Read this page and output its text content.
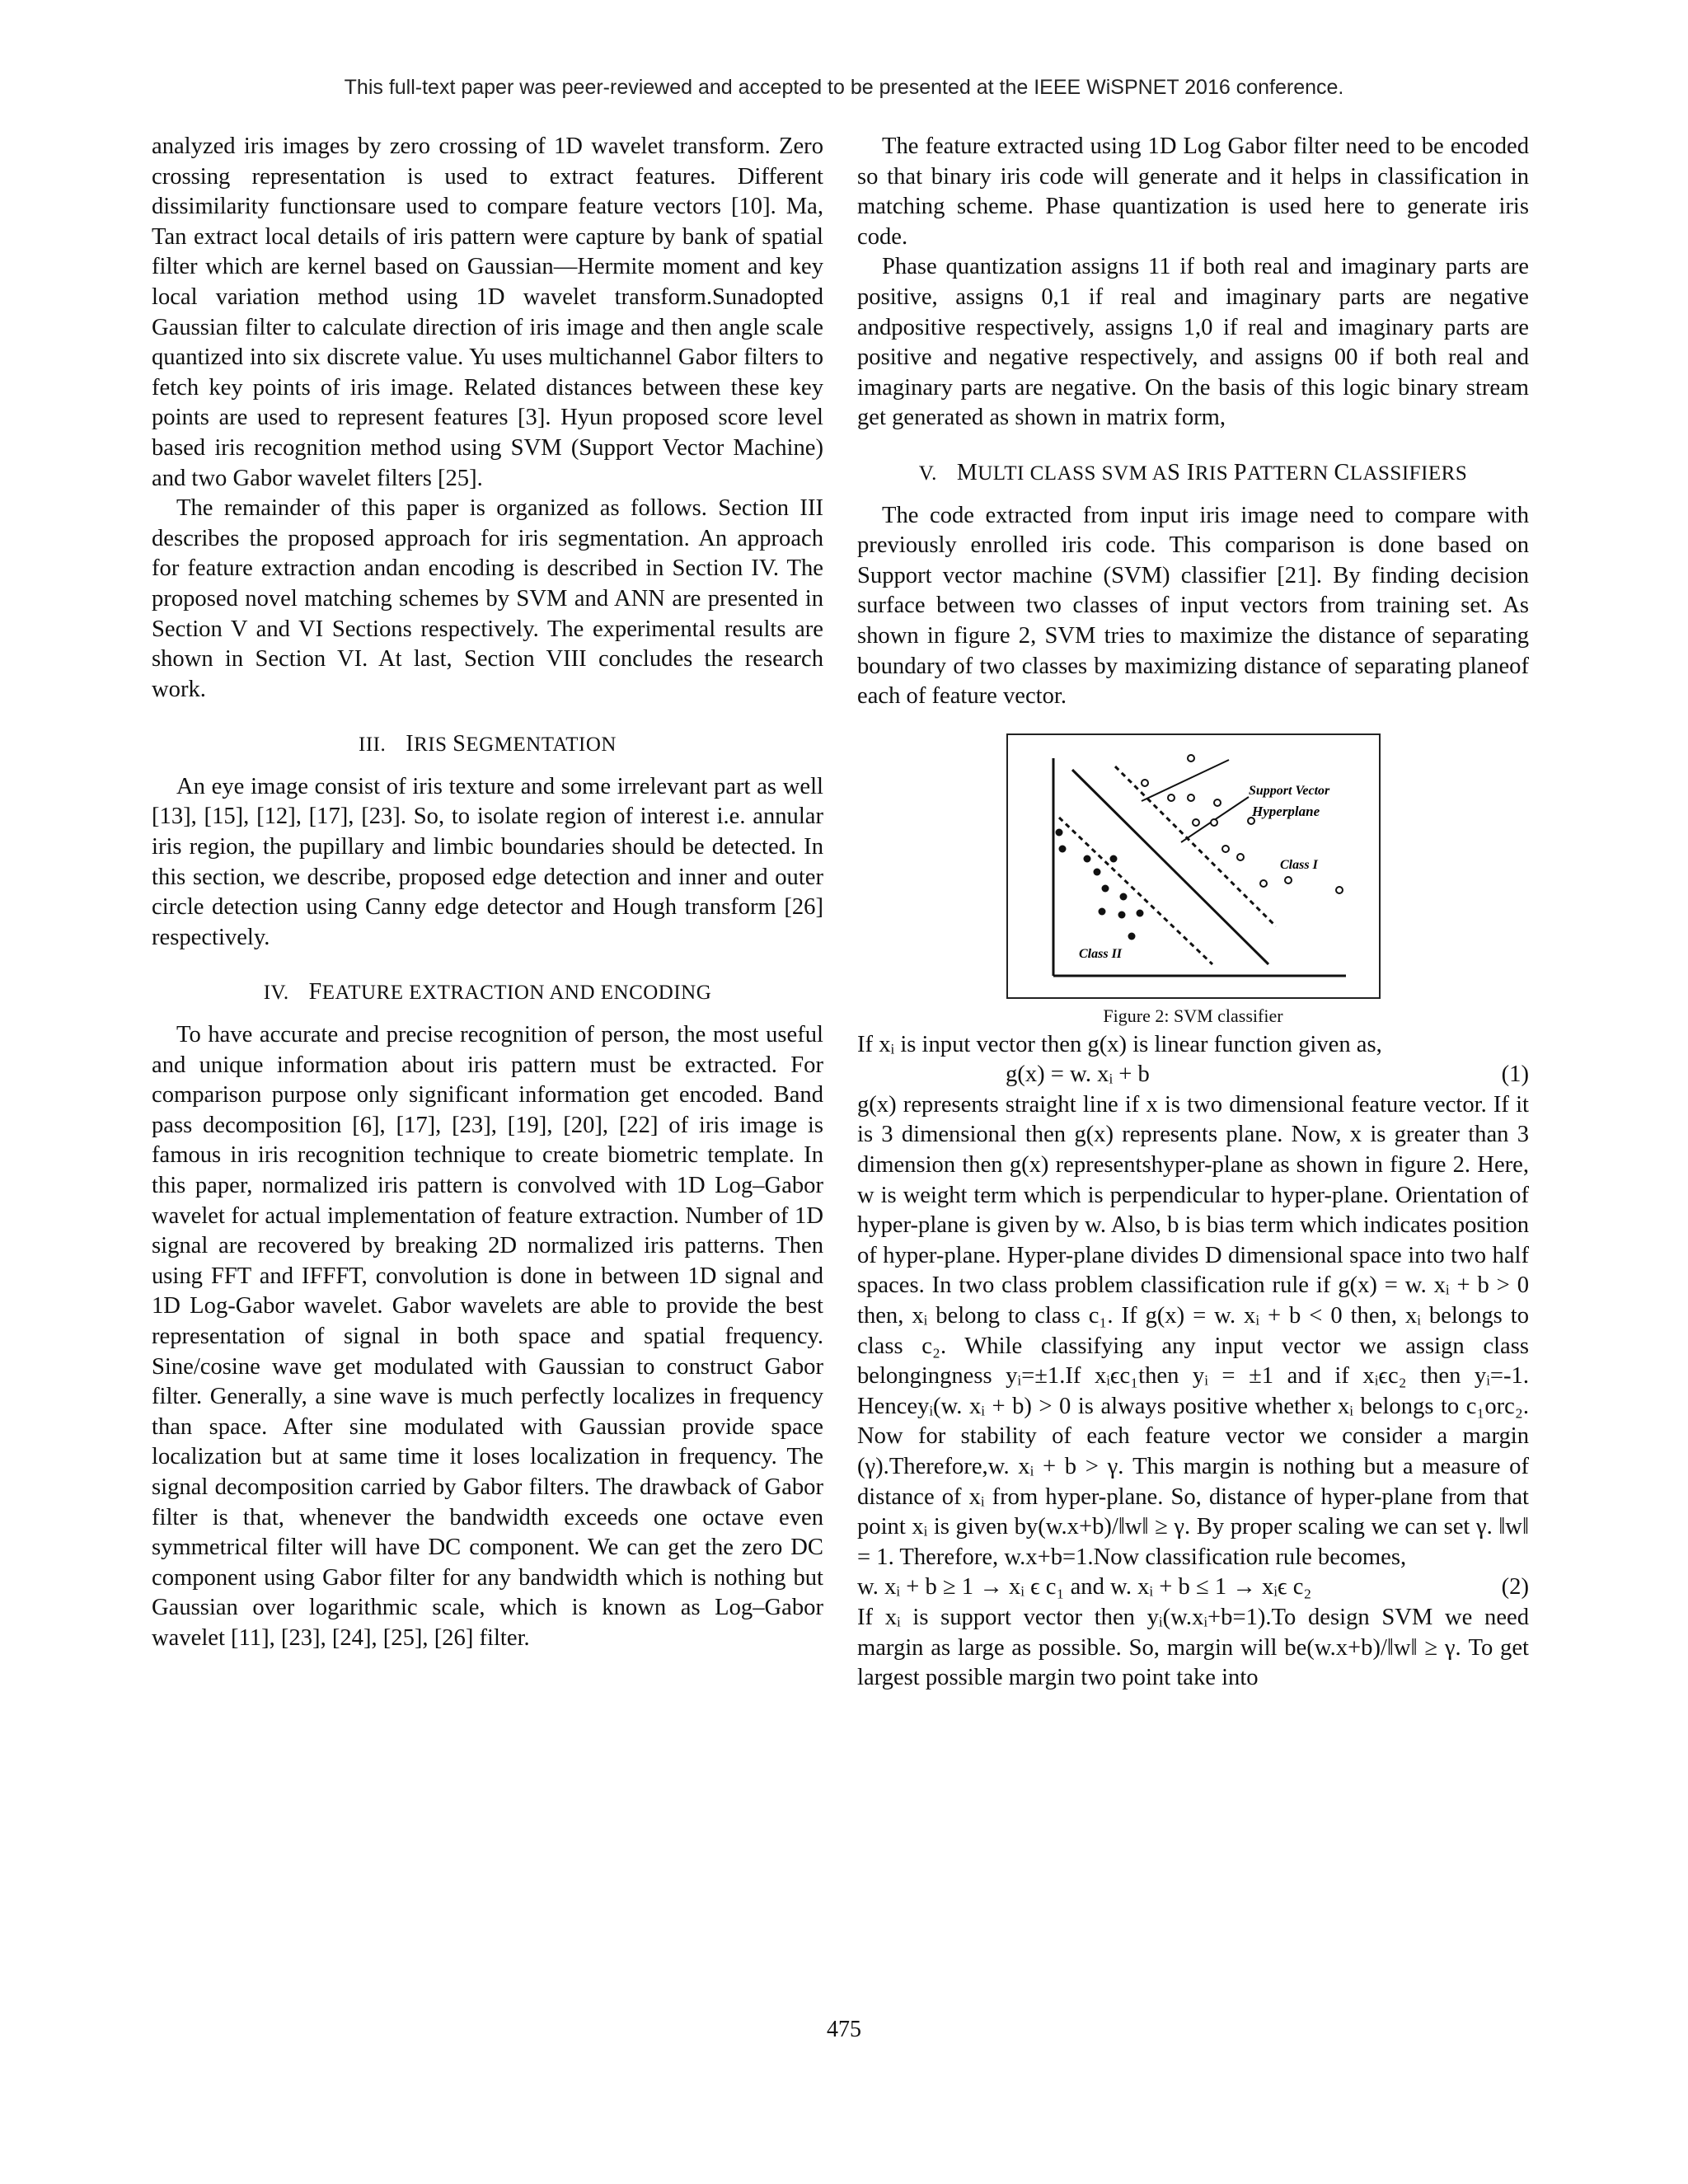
This full-text paper was peer-reviewed and accepted to be presented at the IEEE WiSPNET 2016 conference.

analyzed iris images by zero crossing of 1D wavelet transform. Zero crossing representation is used to extract features. Different dissimilarity functionsare used to compare feature vectors [10]. Ma, Tan extract local details of iris pattern were capture by bank of spatial filter which are kernel based on Gaussian—Hermite moment and key local variation method using 1D wavelet transform.Sunadopted Gaussian filter to calculate direction of iris image and then angle scale quantized into six discrete value. Yu uses multichannel Gabor filters to fetch key points of iris image. Related distances between these key points are used to represent features [3]. Hyun proposed score level based iris recognition method using SVM (Support Vector Machine) and two Gabor wavelet filters [25].

The remainder of this paper is organized as follows. Section III describes the proposed approach for iris segmentation. An approach for feature extraction andan encoding is described in Section IV. The proposed novel matching schemes by SVM and ANN are presented in Section V and VI Sections respectively. The experimental results are shown in Section VI. At last, Section VIII concludes the research work.

III. IRIS SEGMENTATION

An eye image consist of iris texture and some irrelevant part as well [13], [15], [12], [17], [23]. So, to isolate region of interest i.e. annular iris region, the pupillary and limbic boundaries should be detected. In this section, we describe, proposed edge detection and inner and outer circle detection using Canny edge detector and Hough transform [26] respectively.

IV. FEATURE EXTRACTION AND ENCODING

To have accurate and precise recognition of person, the most useful and unique information about iris pattern must be extracted. For comparison purpose only significant information get encoded. Band pass decomposition [6], [17], [23], [19], [20], [22] of iris image is famous in iris recognition technique to create biometric template. In this paper, normalized iris pattern is convolved with 1D Log–Gabor wavelet for actual implementation of feature extraction. Number of 1D signal are recovered by breaking 2D normalized iris patterns. Then using FFT and IFFFT, convolution is done in between 1D signal and 1D Log-Gabor wavelet. Gabor wavelets are able to provide the best representation of signal in both space and spatial frequency. Sine/cosine wave get modulated with Gaussian to construct Gabor filter. Generally, a sine wave is much perfectly localizes in frequency than space. After sine modulated with Gaussian provide space localization but at same time it loses localization in frequency. The signal decomposition carried by Gabor filters. The drawback of Gabor filter is that, whenever the bandwidth exceeds one octave even symmetrical filter will have DC component. We can get the zero DC component using Gabor filter for any bandwidth which is nothing but Gaussian over logarithmic scale, which is known as Log–Gabor wavelet [11], [23], [24], [25], [26] filter.

The feature extracted using 1D Log Gabor filter need to be encoded so that binary iris code will generate and it helps in classification in matching scheme. Phase quantization is used here to generate iris code.

Phase quantization assigns 11 if both real and imaginary parts are positive, assigns 0,1 if real and imaginary parts are negative andpositive respectively, assigns 1,0 if real and imaginary parts are positive and negative respectively, and assigns 00 if both real and imaginary parts are negative. On the basis of this logic binary stream get generated as shown in matrix form,

V. MULTI CLASS SVM AS IRIS PATTERN CLASSIFIERS

The code extracted from input iris image need to compare with previously enrolled iris code. This comparison is done based on Support vector machine (SVM) classifier [21]. By finding decision surface between two classes of input vectors from training set. As shown in figure 2, SVM tries to maximize the distance of separating boundary of two classes by maximizing distance of separating planeof each of feature vector.

Support Vector
Hyperplane
Class I
Class II
Figure 2: SVM classifier

If xᵢ is input vector then g(x) is linear function given as,

g(x) = w. xᵢ + b	(1)

g(x) represents straight line if x is two dimensional feature vector. If it is 3 dimensional then g(x) represents plane. Now, x is greater than 3 dimension then g(x) representshyper-plane as shown in figure 2. Here, w is weight term which is perpendicular to hyper-plane. Orientation of hyper-plane is given by w. Also, b is bias term which indicates position of hyper-plane. Hyper-plane divides D dimensional space into two half spaces. In two class problem classification rule if g(x) = w. xᵢ + b > 0 then, xᵢ belong to class c₁. If g(x) = w. xᵢ + b < 0 then, xᵢ belongs to class c₂. While classifying any input vector we assign class belongingness yᵢ=±1.If xᵢϵc₁then yᵢ = ±1 and if xᵢϵc₂ then yᵢ=-1. Henceyᵢ(w. xᵢ + b) > 0 is always positive whether xᵢ belongs to c₁orc₂. Now for stability of each feature vector we consider a margin (γ).Therefore,w. xᵢ + b > γ. This margin is nothing but a measure of distance of xᵢ from hyper-plane. So, distance of hyper-plane from that point xᵢ is given by(w.x+b)/‖w‖ ≥ γ. By proper scaling we can set γ. ‖w‖ = 1. Therefore, w.x+b=1.Now classification rule becomes,

w. xᵢ + b ≥ 1 → xᵢ ϵ c₁ and w. xᵢ + b ≤ 1 → xᵢϵ c₂	(2)

If xᵢ is support vector then yᵢ(w.xᵢ+b=1).To design SVM we need margin as large as possible. So, margin will be(w.x+b)/‖w‖ ≥ γ. To get largest possible margin two point take into

475
